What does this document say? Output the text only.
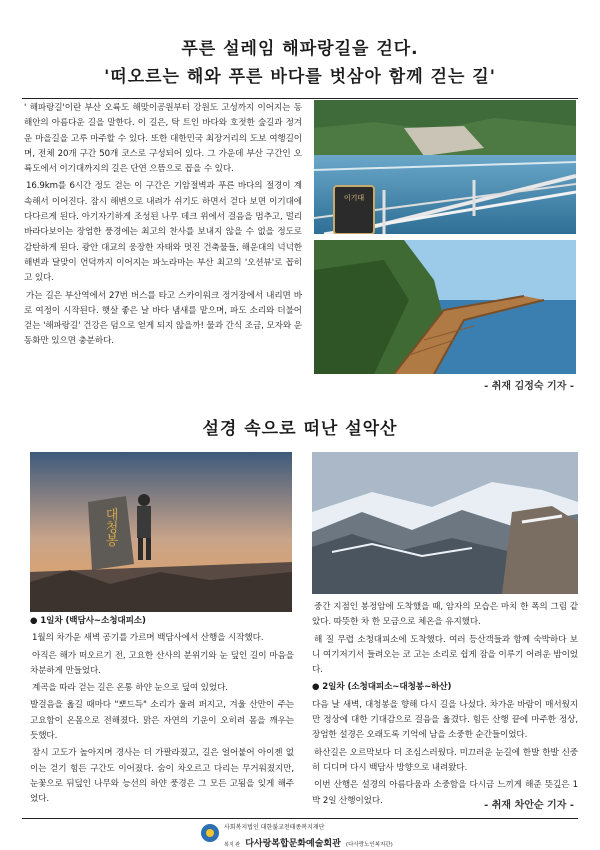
푸른 설레임 해파랑길을 걷다.
'떠오르는 해와 푸른 바다를 벗삼아 함께 걷는 길'

' 해파랑길'이란 부산 오륙도 해맞이공원부터 강원도 고성까지 이어지는 동해안의 아름다운 길을 말한다. 이 길은, 탁 트인 바다와 호젓한 숲길과 정겨운 마을길을 고루 마주할 수 있다. 또한 대한민국 최장거리의 도보 여행길이며, 전체 20개 구간 50개 코스로 구성되어 있다. 그 가운데 부산 구간인 오륙도에서 이기대까지의 길은 단연 으뜸으로 꼽을 수 있다.

16.9km를 6시간 정도 걷는 이 구간은 기암절벽과 푸른 바다의 절경이 계속해서 이어진다. 잠시 해변으로 내려가 쉬기도 하면서 걷다 보면 이기대에 다다르게 된다. 아기자기하게 조성된 나무 데크 위에서 걸음을 멈추고, 멀리 바라다보이는 장엄한 풍경에는 최고의 찬사를 보내지 않을 수 없을 정도로 감탄하게 된다. 광안 대교의 웅장한 자태와 멋진 건축물들, 해운대의 넉넉한 해변과 달맞이 언덕까지 이어지는 파노라마는 부산 최고의 '오션뷰'로 꼽히고 있다.

가는 길은 부산역에서 27번 버스를 타고 스카이워크 정거장에서 내리면 바로 여정이 시작된다. 햇살 좋은 날 바다 냄새를 맡으며, 파도 소리와 더불어 걷는 '해파랑길' 건강은 덤으로 얻게 되지 않을까! 물과 간식 조금, 모자와 운동화만 있으면 충분하다.

이기대
- 취재 김정숙 기자 -
설경 속으로 떠난 설악산
대청봉

● 1일차 (백담사~소청대피소)

1월의 차가운 새벽 공기를 가르며 백담사에서 산행을 시작했다.

아직은 해가 떠오르기 전, 고요한 산사의 분위기와 눈 덮인 길이 마음을 차분하게 만들었다.

계곡을 따라 걷는 길은 온통 하얀 눈으로 덮여 있었다.

발걸음을 옮길 때마다 "뽀드득" 소리가 울려 퍼지고, 겨울 산만이 주는 고요함이 온몸으로 전해졌다. 맑은 자연의 기운이 오히려 몸을 깨우는 듯했다.

잠시 고도가 높아지며 경사는 더 가팔라졌고, 길은 얼어붙어 아이젠 없이는 걷기 힘든 구간도 이어졌다. 숨이 차오르고 다리는 무거워졌지만, 눈꽃으로 뒤덮인 나무와 능선의 하얀 풍경은 그 모든 고됨을 잊게 해주었다.

중간 지점인 봉정암에 도착했을 때, 암자의 모습은 마치 한 폭의 그림 같았다. 따뜻한 차 한 모금으로 체온을 유지했다.

해 질 무렵 소청대피소에 도착했다. 여러 등산객들과 함께 숙박하다 보니 여기저기서 들려오는 코 고는 소리로 쉽게 잠을 이루기 어려운 밤이었다.

● 2일차 (소청대피소~대청봉~하산)

다음 날 새벽, 대청봉을 향해 다시 길을 나섰다. 차가운 바람이 매서웠지만 정상에 대한 기대감으로 걸음을 옮겼다. 힘든 산행 끝에 마주한 정상, 장엄한 설경은 오래도록 기억에 남을 소중한 순간들이었다.

하산길은 오르막보다 더 조심스러웠다. 미끄러운 눈길에 한발 한발 신중히 디디며 다시 백담사 방향으로 내려왔다.

이번 산행은 설경의 아름다움과 소중함을 다시금 느끼게 해준 뜻깊은 1박 2일 산행이었다.	- 취재 차안순 기자 -
사회복지법인 대한불교천태종복지재단
복지 관 다사랑복합문화예술회관 (다사랑노인복지관)
